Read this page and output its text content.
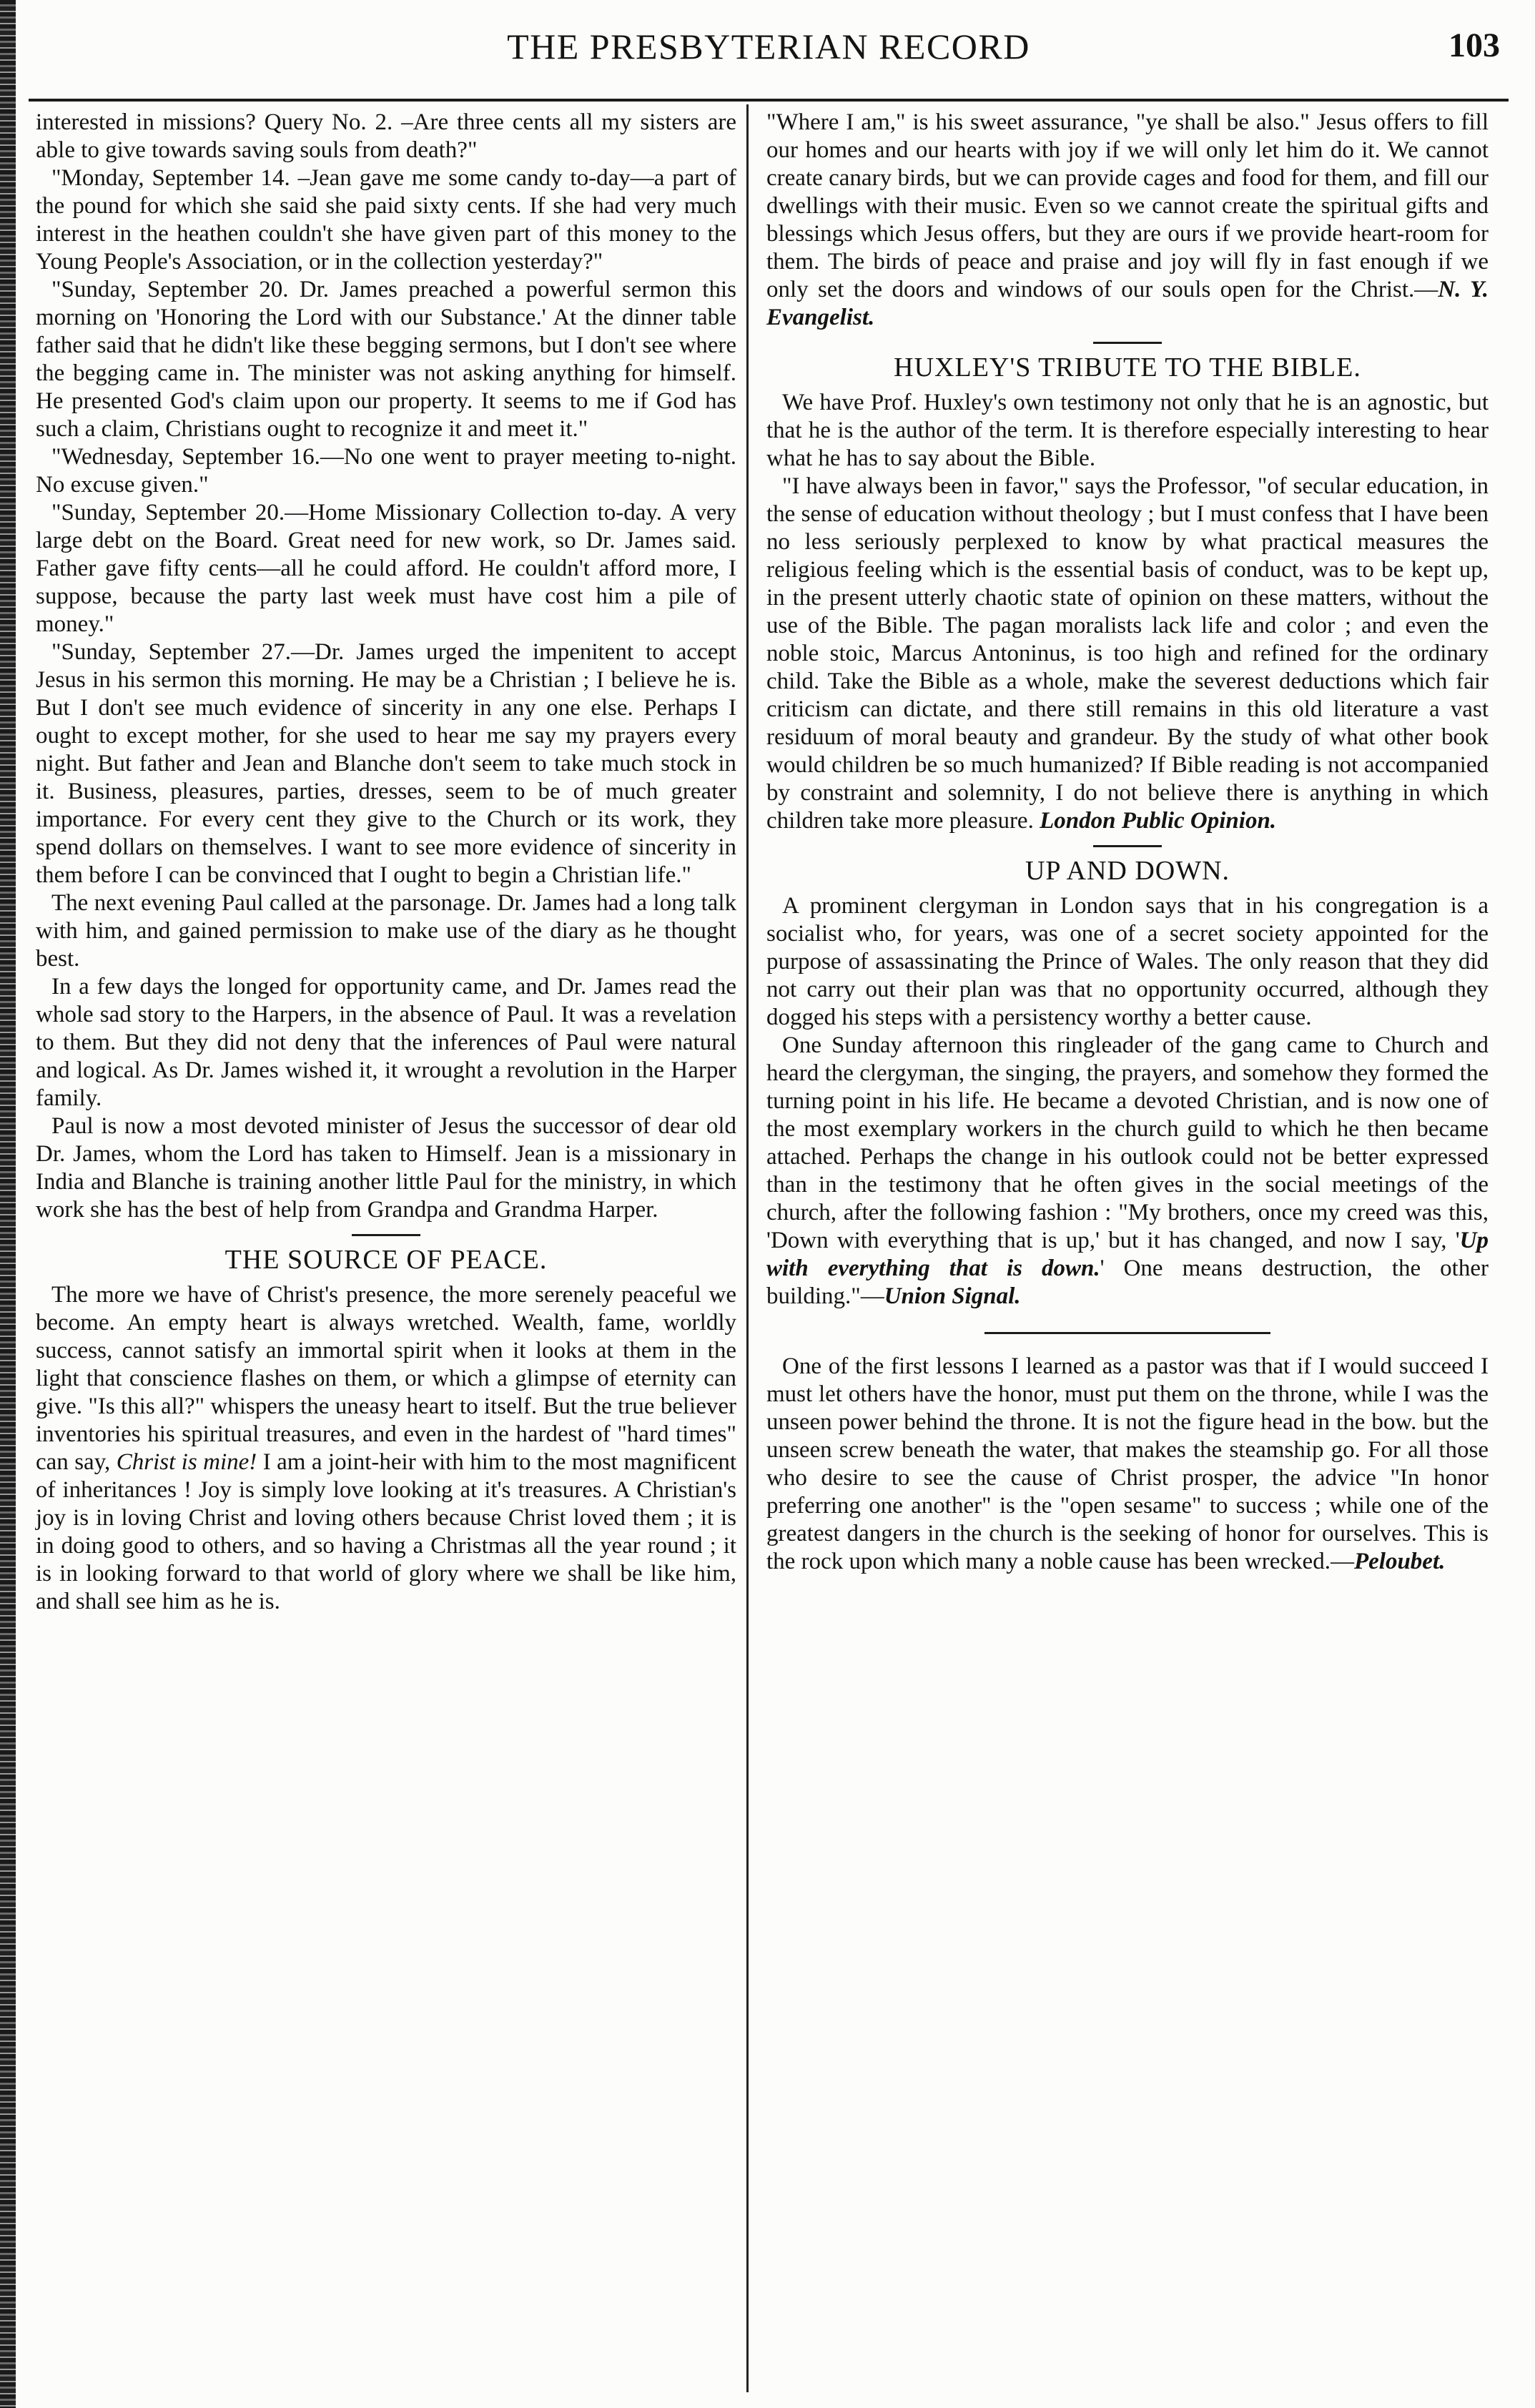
THE PRESBYTERIAN RECORD	103

interested in missions? Query No. 2. –Are three cents all my sisters are able to give towards saving souls from death?"

"Monday, September 14. –Jean gave me some candy to-day—a part of the pound for which she said she paid sixty cents. If she had very much interest in the heathen couldn't she have given part of this money to the Young People's Association, or in the collection yesterday?"

"Sunday, September 20. Dr. James preached a powerful sermon this morning on 'Honoring the Lord with our Substance.' At the dinner table father said that he didn't like these begging sermons, but I don't see where the begging came in. The minister was not asking anything for himself. He presented God's claim upon our property. It seems to me if God has such a claim, Christians ought to recognize it and meet it."

"Wednesday, September 16.—No one went to prayer meeting to-night. No excuse given."

"Sunday, September 20.—Home Missionary Collection to-day. A very large debt on the Board. Great need for new work, so Dr. James said. Father gave fifty cents—all he could afford. He couldn't afford more, I suppose, because the party last week must have cost him a pile of money."

"Sunday, September 27.—Dr. James urged the impenitent to accept Jesus in his sermon this morning. He may be a Christian ; I believe he is. But I don't see much evidence of sincerity in any one else. Perhaps I ought to except mother, for she used to hear me say my prayers every night. But father and Jean and Blanche don't seem to take much stock in it. Business, pleasures, parties, dresses, seem to be of much greater importance. For every cent they give to the Church or its work, they spend dollars on themselves. I want to see more evidence of sincerity in them before I can be convinced that I ought to begin a Christian life."

The next evening Paul called at the parsonage. Dr. James had a long talk with him, and gained permission to make use of the diary as he thought best.

In a few days the longed for opportunity came, and Dr. James read the whole sad story to the Harpers, in the absence of Paul. It was a revelation to them. But they did not deny that the inferences of Paul were natural and logical. As Dr. James wished it, it wrought a revolution in the Harper family.

Paul is now a most devoted minister of Jesus the successor of dear old Dr. James, whom the Lord has taken to Himself. Jean is a missionary in India and Blanche is training another little Paul for the ministry, in which work she has the best of help from Grandpa and Grandma Harper.

THE SOURCE OF PEACE.

The more we have of Christ's presence, the more serenely peaceful we become. An empty heart is always wretched. Wealth, fame, worldly success, cannot satisfy an immortal spirit when it looks at them in the light that conscience flashes on them, or which a glimpse of eternity can give. "Is this all?" whispers the uneasy heart to itself. But the true believer inventories his spiritual treasures, and even in the hardest of "hard times" can say, Christ is mine! I am a joint-heir with him to the most magnificent of inheritances ! Joy is simply love looking at it's treasures. A Christian's joy is in loving Christ and loving others because Christ loved them ; it is in doing good to others, and so having a Christmas all the year round ; it is in looking forward to that world of glory where we shall be like him, and shall see him as he is.

"Where I am," is his sweet assurance, "ye shall be also." Jesus offers to fill our homes and our hearts with joy if we will only let him do it. We cannot create canary birds, but we can provide cages and food for them, and fill our dwellings with their music. Even so we cannot create the spiritual gifts and blessings which Jesus offers, but they are ours if we provide heart-room for them. The birds of peace and praise and joy will fly in fast enough if we only set the doors and windows of our souls open for the Christ.—N. Y. Evangelist.

HUXLEY'S TRIBUTE TO THE BIBLE.

We have Prof. Huxley's own testimony not only that he is an agnostic, but that he is the author of the term. It is therefore especially interesting to hear what he has to say about the Bible.

"I have always been in favor," says the Professor, "of secular education, in the sense of education without theology ; but I must confess that I have been no less seriously perplexed to know by what practical measures the religious feeling which is the essential basis of conduct, was to be kept up, in the present utterly chaotic state of opinion on these matters, without the use of the Bible. The pagan moralists lack life and color ; and even the noble stoic, Marcus Antoninus, is too high and refined for the ordinary child. Take the Bible as a whole, make the severest deductions which fair criticism can dictate, and there still remains in this old literature a vast residuum of moral beauty and grandeur. By the study of what other book would children be so much humanized? If Bible reading is not accompanied by constraint and solemnity, I do not believe there is anything in which children take more pleasure. London Public Opinion.

UP AND DOWN.

A prominent clergyman in London says that in his congregation is a socialist who, for years, was one of a secret society appointed for the purpose of assassinating the Prince of Wales. The only reason that they did not carry out their plan was that no opportunity occurred, although they dogged his steps with a persistency worthy a better cause.

One Sunday afternoon this ringleader of the gang came to Church and heard the clergyman, the singing, the prayers, and somehow they formed the turning point in his life. He became a devoted Christian, and is now one of the most exemplary workers in the church guild to which he then became attached. Perhaps the change in his outlook could not be better expressed than in the testimony that he often gives in the social meetings of the church, after the following fashion : "My brothers, once my creed was this, 'Down with everything that is up,' but it has changed, and now I say, 'Up with everything that is down.' One means destruction, the other building."—Union Signal.

One of the first lessons I learned as a pastor was that if I would succeed I must let others have the honor, must put them on the throne, while I was the unseen power behind the throne. It is not the figure head in the bow. but the unseen screw beneath the water, that makes the steamship go. For all those who desire to see the cause of Christ prosper, the advice "In honor preferring one another" is the "open sesame" to success ; while one of the greatest dangers in the church is the seeking of honor for ourselves. This is the rock upon which many a noble cause has been wrecked.—Peloubet.
